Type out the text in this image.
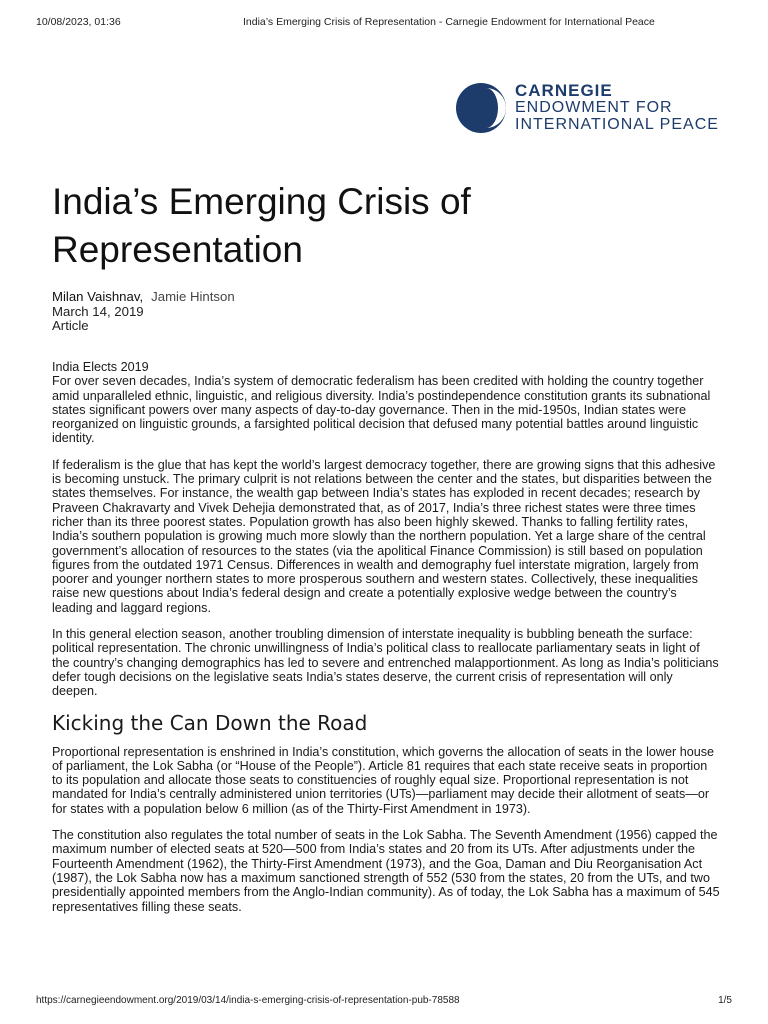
10/08/2023, 01:36	India’s Emerging Crisis of Representation - Carnegie Endowment for International Peace
CARNEGIE
ENDOWMENT FOR
INTERNATIONAL PEACE
India’s Emerging Crisis of Representation
Milan Vaishnav, Jamie Hintson
March 14, 2019
Article
India Elects 2019

For over seven decades, India’s system of democratic federalism has been credited with holding the country together amid unparalleled ethnic, linguistic, and religious diversity. India’s postindependence constitution grants its subnational states significant powers over many aspects of day-to-day governance. Then in the mid-1950s, Indian states were reorganized on linguistic grounds, a farsighted political decision that defused many potential battles around linguistic identity.

If federalism is the glue that has kept the world’s largest democracy together, there are growing signs that this adhesive is becoming unstuck. The primary culprit is not relations between the center and the states, but disparities between the states themselves. For instance, the wealth gap between India’s states has exploded in recent decades; research by Praveen Chakravarty and Vivek Dehejia demonstrated that, as of 2017, India’s three richest states were three times richer than its three poorest states. Population growth has also been highly skewed. Thanks to falling fertility rates, India’s southern population is growing much more slowly than the northern population. Yet a large share of the central government’s allocation of resources to the states (via the apolitical Finance Commission) is still based on population figures from the outdated 1971 Census. Differences in wealth and demography fuel interstate migration, largely from poorer and younger northern states to more prosperous southern and western states. Collectively, these inequalities raise new questions about India’s federal design and create a potentially explosive wedge between the country’s leading and laggard regions.

In this general election season, another troubling dimension of interstate inequality is bubbling beneath the surface: political representation. The chronic unwillingness of India’s political class to reallocate parliamentary seats in light of the country’s changing demographics has led to severe and entrenched malapportionment. As long as India’s politicians defer tough decisions on the legislative seats India’s states deserve, the current crisis of representation will only deepen.

Kicking the Can Down the Road

Proportional representation is enshrined in India’s constitution, which governs the allocation of seats in the lower house of parliament, the Lok Sabha (or “House of the People”). Article 81 requires that each state receive seats in proportion to its population and allocate those seats to constituencies of roughly equal size. Proportional representation is not mandated for India’s centrally administered union territories (UTs)—parliament may decide their allotment of seats—or for states with a population below 6 million (as of the Thirty-First Amendment in 1973).

The constitution also regulates the total number of seats in the Lok Sabha. The Seventh Amendment (1956) capped the maximum number of elected seats at 520—500 from India’s states and 20 from its UTs. After adjustments under the Fourteenth Amendment (1962), the Thirty-First Amendment (1973), and the Goa, Daman and Diu Reorganisation Act (1987), the Lok Sabha now has a maximum sanctioned strength of 552 (530 from the states, 20 from the UTs, and two presidentially appointed members from the Anglo-Indian community). As of today, the Lok Sabha has a maximum of 545 representatives filling these seats.

https://carnegieendowment.org/2019/03/14/india-s-emerging-crisis-of-representation-pub-78588	1/5
